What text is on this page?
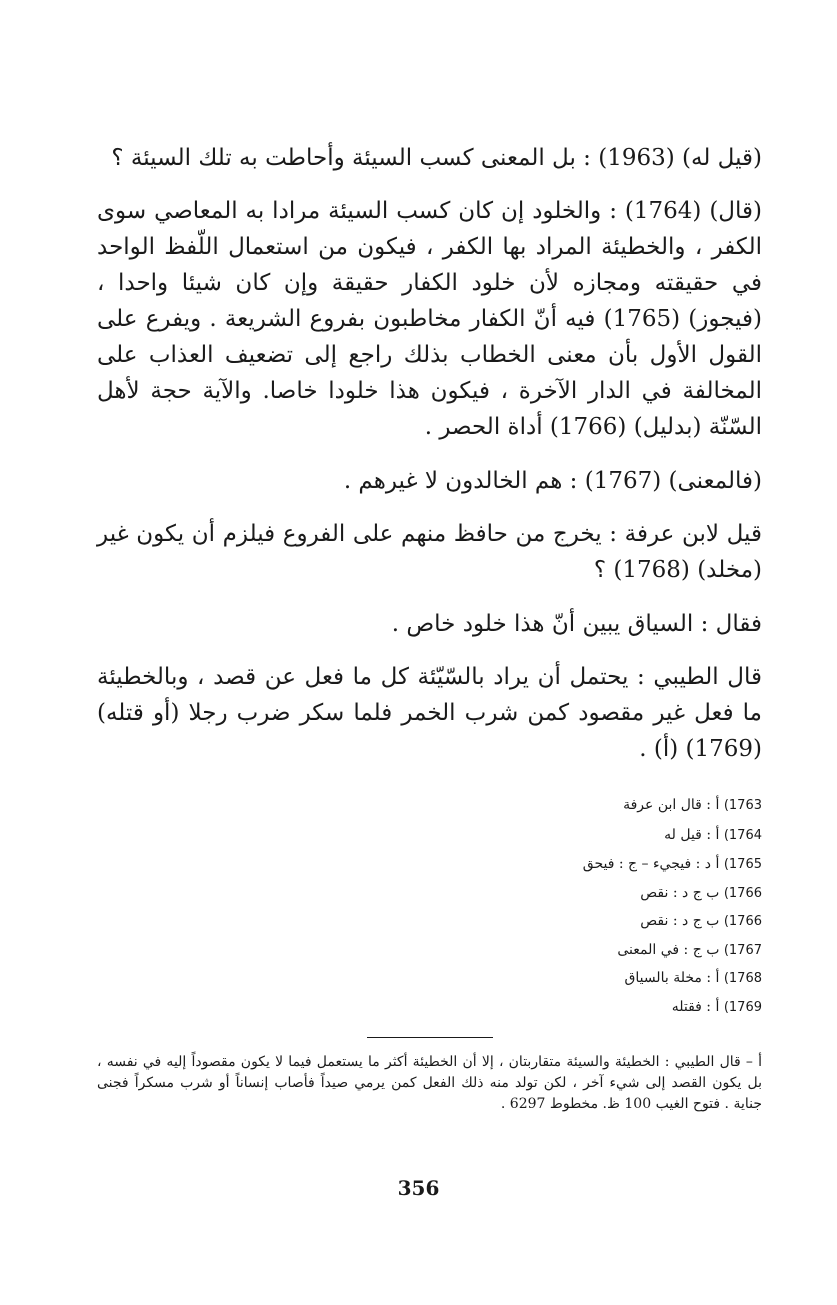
(قيل له) (1963) : بل المعنى كسب السيئة وأحاطت به تلك السيئة ؟

(قال) (1764) : والخلود إن كان كسب السيئة مرادا به المعاصي سوى الكفر ، والخطيئة المراد بها الكفر ، فيكون من استعمال اللّفظ الواحد في حقيقته ومجازه لأن خلود الكفار حقيقة وإن كان شيئا واحدا ، (فيجوز) (1765) فيه أنّ الكفار مخاطبون بفروع الشريعة . ويفرع على القول الأول بأن معنى الخطاب بذلك راجع إلى تضعيف العذاب على المخالفة في الدار الآخرة ، فيكون هذا خلودا خاصا. والآية حجة لأهل السّنّة (بدليل) (1766) أداة الحصر .

(فالمعنى) (1767) : هم الخالدون لا غيرهم .

قيل لابن عرفة : يخرج من حافظ منهم على الفروع فيلزم أن يكون غير (مخلد) (1768) ؟

فقال : السياق يبين أنّ هذا خلود خاص .

قال الطيبي : يحتمل أن يراد بالسّيّئة كل ما فعل عن قصد ، وبالخطيئة ما فعل غير مقصود كمن شرب الخمر فلما سكر ضرب رجلا (أو قتله) (1769) (أ) .

1763) أ : قال ابن عرفة

1764) أ : قيل له

1765) أ د : فيجيء – ج : فيحق

1766) ب ج د : نقص

1766) ب ج د : نقص

1767) ب ج : في المعنى

1768) أ : مخلة بالسياق

1769) أ : فقتله

أ – قال الطيبي : الخطيئة والسيئة متقاربتان ، إلا أن الخطيئة أكثر ما يستعمل فيما لا يكون مقصوداً إليه في نفسه ، بل يكون القصد إلى شيء آخر ، لكن تولد منه ذلك الفعل كمن يرمي صيداً فأصاب إنساناً أو شرب مسكراً فجنى جناية . فتوح الغيب 100 ظ. مخطوط 6297 .

356
